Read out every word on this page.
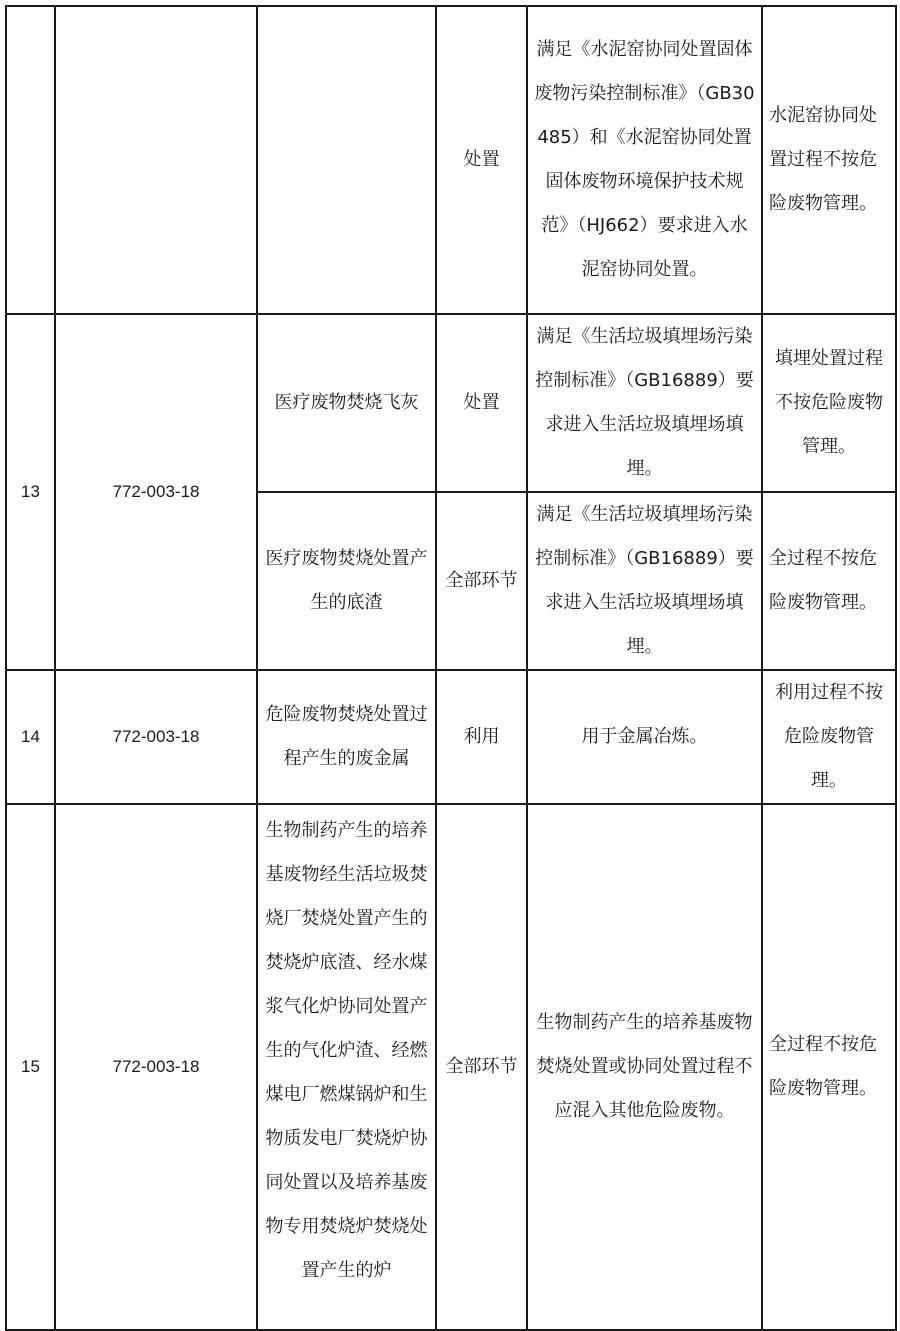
			处置	满足《水泥窑协同处置固体废物污染控制标准》（GB30485）和《水泥窑协同处置固体废物环境保护技术规范》（HJ662）要求进入水泥窑协同处置。	水泥窑协同处置过程不按危险废物管理。
13	772-003-18	医疗废物焚烧飞灰	处置	满足《生活垃圾填埋场污染控制标准》（GB16889）要求进入生活垃圾填埋场填埋。	填埋处置过程不按危险废物管理。
		医疗废物焚烧处置产生的底渣	全部环节	满足《生活垃圾填埋场污染控制标准》（GB16889）要求进入生活垃圾填埋场填埋。	全过程不按危险废物管理。
14	772-003-18	危险废物焚烧处置过程产生的废金属	利用	用于金属冶炼。	利用过程不按危险废物管理。
15	772-003-18	生物制药产生的培养基废物经生活垃圾焚烧厂焚烧处置产生的焚烧炉底渣、经水煤浆气化炉协同处置产生的气化炉渣、经燃煤电厂燃煤锅炉和生物质发电厂焚烧炉协同处置以及培养基废物专用焚烧炉焚烧处置产生的炉	全部环节	生物制药产生的培养基废物焚烧处置或协同处置过程不应混入其他危险废物。	全过程不按危险废物管理。
